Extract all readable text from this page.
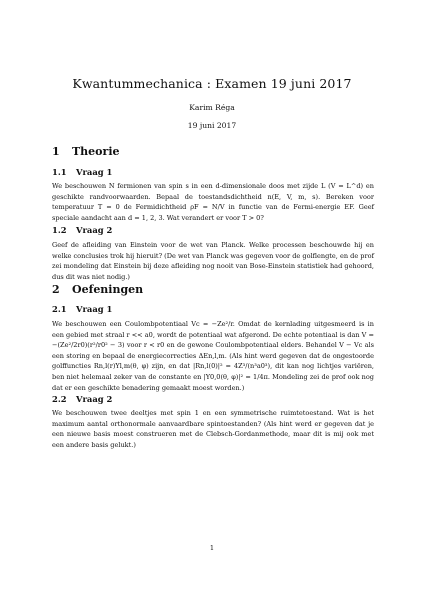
Kwantummechanica : Examen 19 juni 2017
Karim Régа
19 juni 2017
1 Theorie
1.1 Vraag 1
We beschouwen N fermionen van spin s in een d-dimensionale doos met zijde L (V = L^d) en geschikte randvoorwaarden. Bepaal de toestandsdichtheid n(E, V, m, s). Bereken voor temperatuur T = 0 de Fermidichtheid ρF = N/V in functie van de Fermi-energie EF. Geef speciale aandacht aan d = 1, 2, 3. Wat verandert er voor T > 0?
1.2 Vraag 2
Geef de afleiding van Einstein voor de wet van Planck. Welke processen beschouwde hij en welke conclusies trok hij hieruit? (De wet van Planck was gegeven voor de golflengte, en de prof zei mondeling dat Einstein bij deze afleiding nog nooit van Bose-Einstein statistiek had gehoord, dus dit was niet nodig.)
2 Oefeningen
2.1 Vraag 1
We beschouwen een Coulombpotentiaal Vc = −Ze²/r. Omdat de kernlading uitgesmeerd is in een gebied met straal r << a0, wordt de potentiaal wat afgerond. De echte potentiaal is dan V = −(Ze²/2r0)(r²/r0² − 3) voor r < r0 en de gewone Coulombpotentiaal elders. Behandel V − Vc als een storing en bepaal de energiecorrecties ΔEn,l,m. (Als hint werd gegeven dat de ongestoorde golffuncties Rn,l(r)Yl,m(θ, φ) zijn, en dat |Rn,l(0)|² = 4Z³/(n³a0³), dit kan nog lichtjes variëren, ben niet helemaal zeker van de constante en |Y0,0(θ, φ)|² = 1/4π. Mondeling zei de prof ook nog dat er een geschikte benadering gemaakt moest worden.)
2.2 Vraag 2
We beschouwen twee deeltjes met spin 1 en een symmetrische ruimtetoestand. Wat is het maximum aantal orthonormale aanvaardbare spintoestanden? (Als hint werd er gegeven dat je een nieuwe basis moest construeren met de Clebsch-Gordanmethode, maar dit is mij ook met een andere basis gelukt.)
1
